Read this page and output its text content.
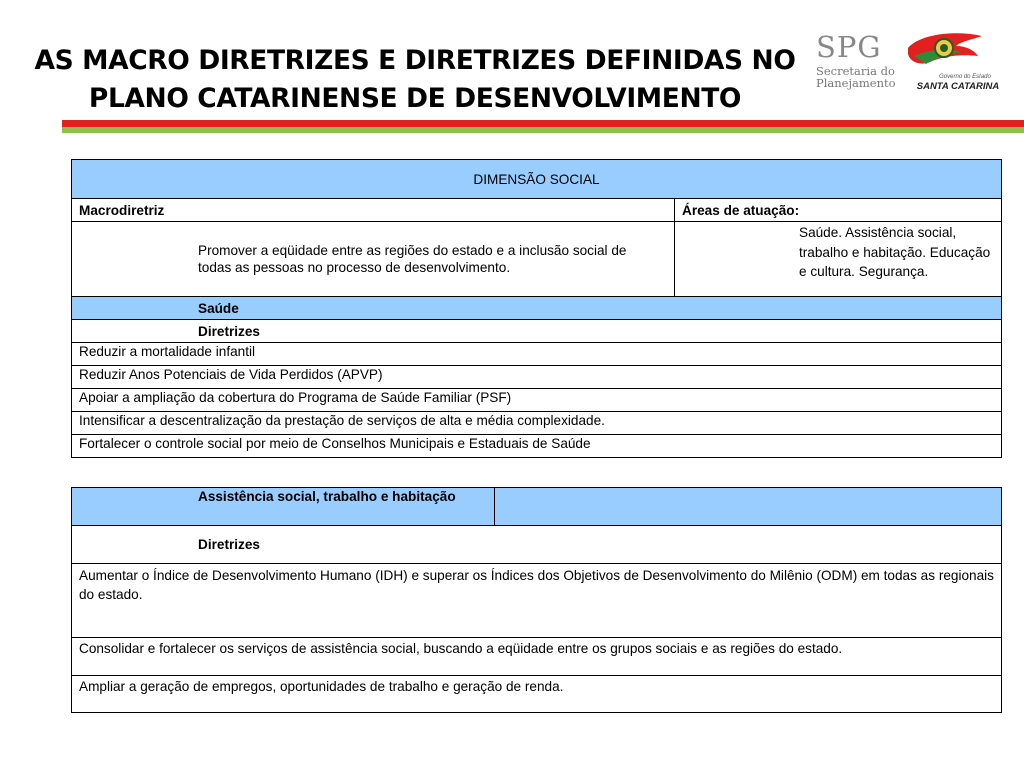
AS MACRO DIRETRIZES E DIRETRIZES DEFINIDAS NO
PLANO CATARINENSE DE DESENVOLVIMENTO
SPG
Secretaria do
Planejamento	Governo do Estado
SANTA CATARINA
DIMENSÃO SOCIAL	
Macrodiretriz	Áreas de atuação:

Promover a eqüidade entre as regiões do estado e a inclusão social de todas as pessoas no processo de desenvolvimento.	Saúde. Assistência social, trabalho e habitação. Educação e cultura. Segurança.

Saúde	
Diretrizes	
Reduzir a mortalidade infantil	
Reduzir Anos Potenciais de Vida Perdidos (APVP)	
Apoiar a ampliação da cobertura do Programa de Saúde Familiar (PSF)	
Intensificar a descentralização da prestação de serviços de alta e média complexidade.	
Fortalecer o controle social por meio de Conselhos Municipais e Estaduais de Saúde	
Assistência social, trabalho e habitação	
Diretrizes
Aumentar o Índice de Desenvolvimento Humano (IDH) e superar os Índices dos Objetivos de Desenvolvimento do Milênio (ODM) em todas as regionais do estado.
Consolidar e fortalecer os serviços de assistência social, buscando a eqüidade entre os grupos sociais e as regiões do estado.
Ampliar a geração de empregos, oportunidades de trabalho e geração de renda.
